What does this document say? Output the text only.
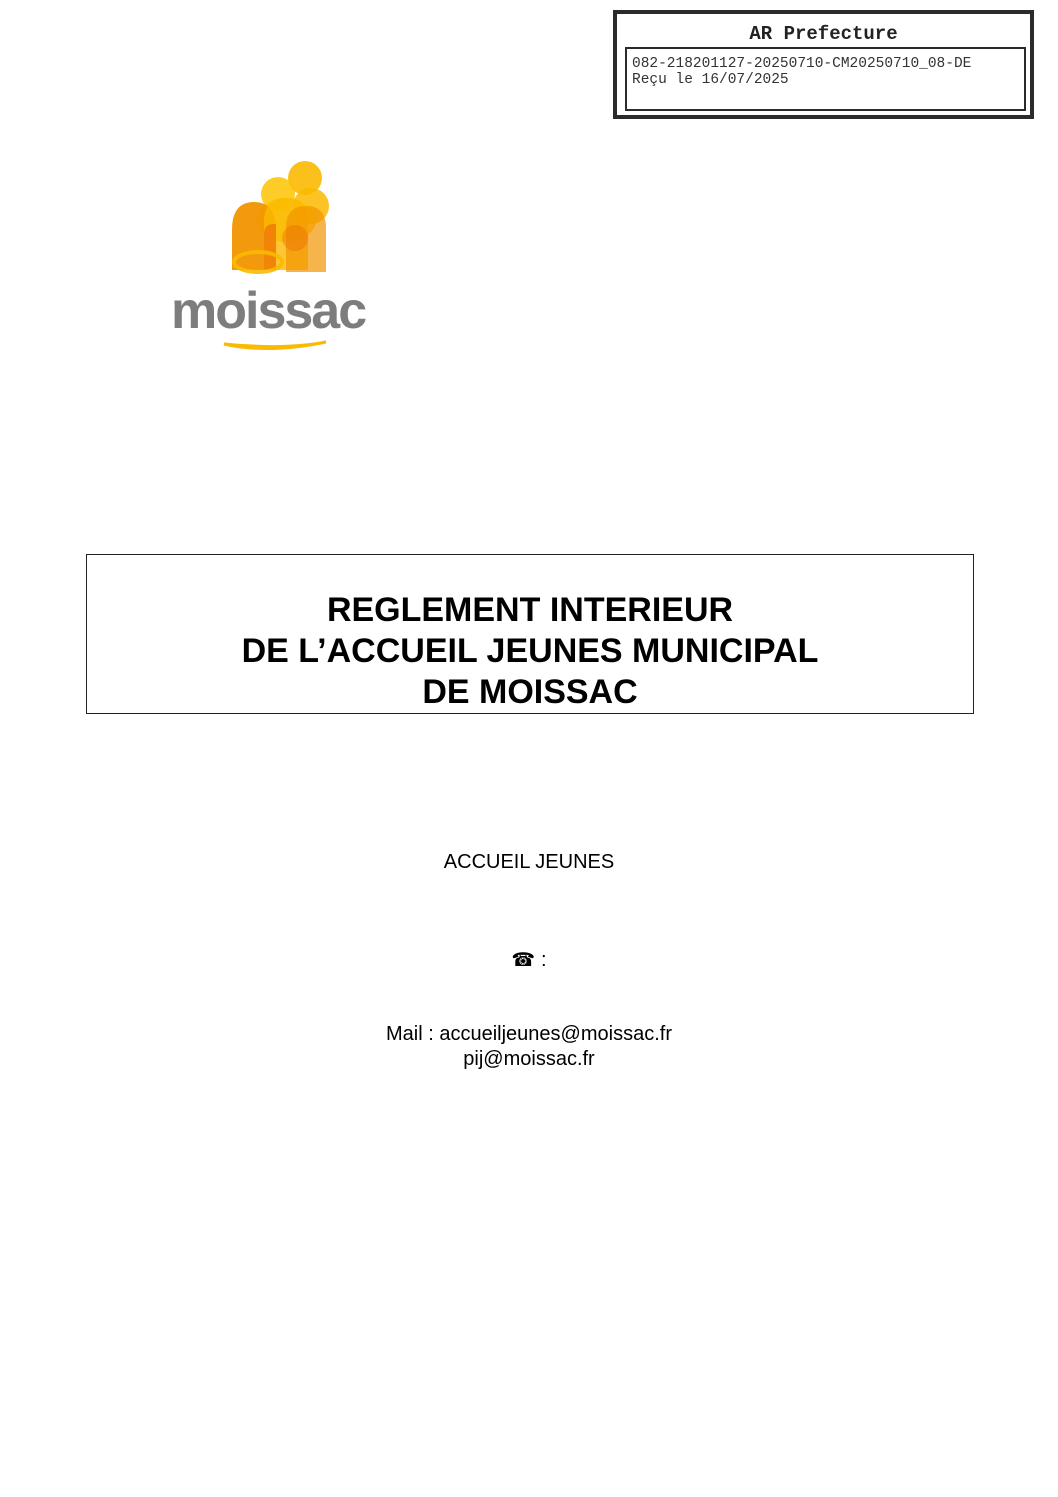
AR Prefecture
082-218201127-20250710-CM20250710_08-DE
Reçu le 16/07/2025
moissac
REGLEMENT INTERIEUR
DE L’ACCUEIL JEUNES MUNICIPAL
DE MOISSAC
ACCUEIL JEUNES
☎ :
Mail : accueiljeunes@moissac.fr
pij@moissac.fr
